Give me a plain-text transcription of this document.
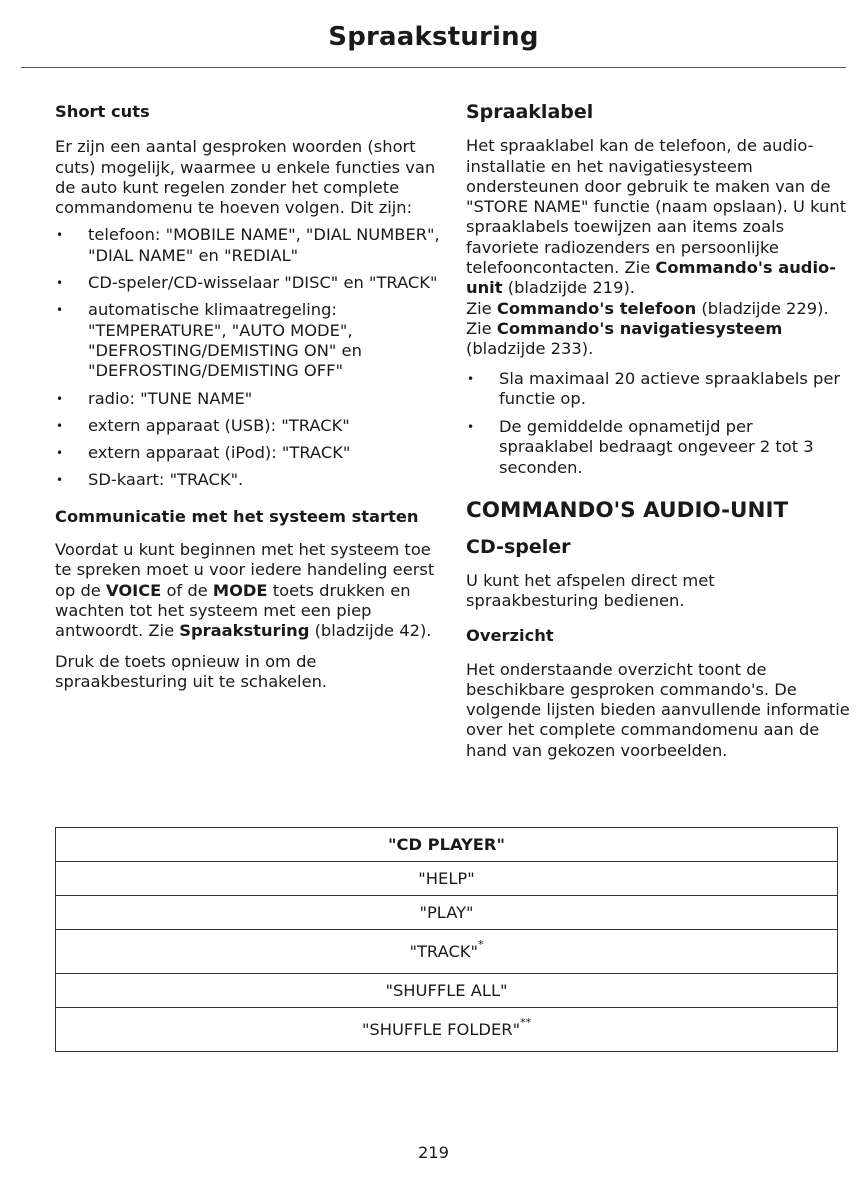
Spraaksturing
Short cuts

Er zijn een aantal gesproken woorden (short cuts) mogelijk, waarmee u enkele functies van de auto kunt regelen zonder het complete commandomenu te hoeven volgen. Dit zijn:

• telefoon: "MOBILE NAME", "DIAL NUMBER", "DIAL NAME" en "REDIAL"
• CD-speler/CD-wisselaar "DISC" en "TRACK"
• automatische klimaatregeling: "TEMPERATURE", "AUTO MODE", "DEFROSTING/DEMISTING ON" en "DEFROSTING/DEMISTING OFF"
• radio: "TUNE NAME"
• extern apparaat (USB): "TRACK"
• extern apparaat (iPod): "TRACK"
• SD-kaart: "TRACK".
Communicatie met het systeem starten

Voordat u kunt beginnen met het systeem toe te spreken moet u voor iedere handeling eerst op de VOICE of de MODE toets drukken en wachten tot het systeem met een piep antwoordt. Zie Spraaksturing (bladzijde 42).

Druk de toets opnieuw in om de spraakbesturing uit te schakelen.

Spraaklabel

Het spraaklabel kan de telefoon, de audio-installatie en het navigatiesysteem ondersteunen door gebruik te maken van de "STORE NAME" functie (naam opslaan). U kunt spraaklabels toewijzen aan items zoals favoriete radiozenders en persoonlijke telefooncontacten. Zie Commando's audio-unit (bladzijde 219).
Zie Commando's telefoon (bladzijde 229).
Zie Commando's navigatiesysteem
(bladzijde 233).

• Sla maximaal 20 actieve spraaklabels per functie op.
• De gemiddelde opnametijd per spraaklabel bedraagt ongeveer 2 tot 3 seconden.
COMMANDO'S AUDIO-UNIT
CD-speler

U kunt het afspelen direct met spraakbesturing bedienen.

Overzicht

Het onderstaande overzicht toont de beschikbare gesproken commando's. De volgende lijsten bieden aanvullende informatie over het complete commandomenu aan de hand van gekozen voorbeelden.

"CD PLAYER"
"HELP"
"PLAY"
"TRACK"*
"SHUFFLE ALL"
"SHUFFLE FOLDER"**
219
